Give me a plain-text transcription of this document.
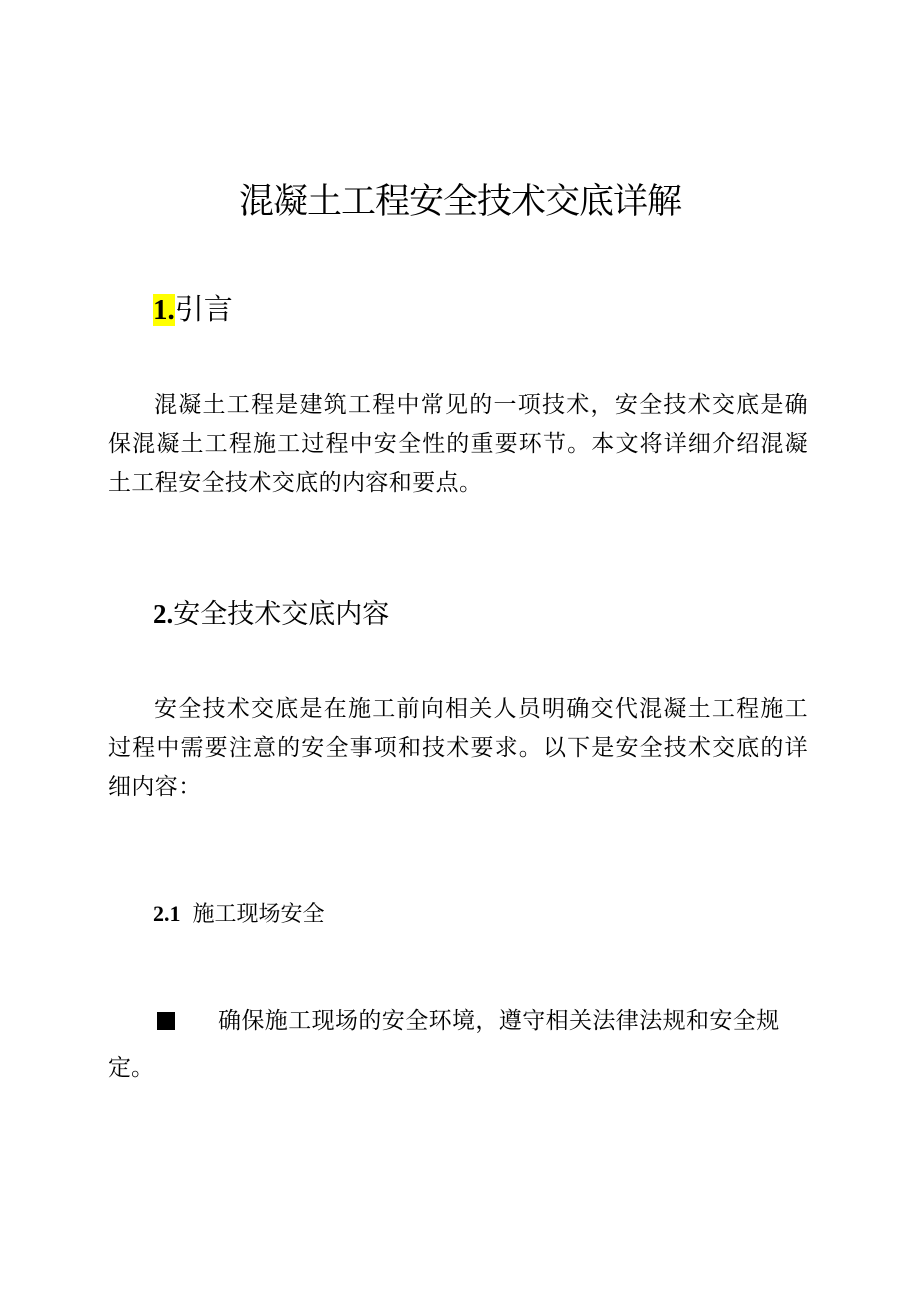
混凝土工程安全技术交底详解
1.引言

混凝土工程是建筑工程中常见的一项技术，安全技术交底是确保混凝土工程施工过程中安全性的重要环节。本文将详细介绍混凝土工程安全技术交底的内容和要点。

2.安全技术交底内容

安全技术交底是在施工前向相关人员明确交代混凝土工程施工过程中需要注意的安全事项和技术要求。以下是安全技术交底的详细内容：

2.1 施工现场安全
确保施工现场的安全环境，遵守相关法律法规和安全规
定。
